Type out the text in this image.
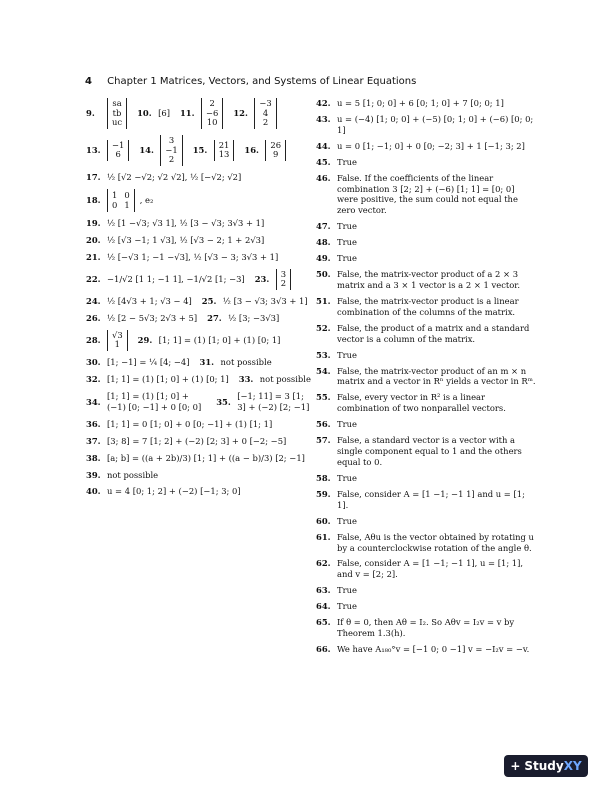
4 Chapter 1 Matrices, Vectors, and Systems of Linear Equations
9.
sa
tb
uc
10. [6] 11.
2
−6
10
12.
−3
4
2
13.
−1
6 14.
3
−1
2
15.
21
13 16.
26
9
17. ½ [√2 −√2; √2 √2], ½ [−√2; √2]
18.
1 0
0 1
, e₂
19. ½ [1 −√3; √3 1], ½ [3 − √3; 3√3 + 1]
20. ½ [√3 −1; 1 √3], ½ [√3 − 2; 1 + 2√3]
21. ½ [−√3 1; −1 −√3], ½ [√3 − 3; 3√3 + 1]
22. −1/√2 [1 1; −1 1], −1/√2 [1; −3] 23.
3
2
24. ½ [4√3 + 1; √3 − 4] 25. ½ [3 − √3; 3√3 + 1]
26. ½ [2 − 5√3; 2√3 + 5] 27. ½ [3; −3√3]
28.
√3
1 29. [1; 1] = (1) [1; 0] + (1) [0; 1]
30. [1; −1] = ¼ [4; −4] 31. not possible
32. [1; 1] = (1) [1; 0] + (1) [0; 1] 33. not possible
34.
[1; 1] = (1) [1; 0] + (−1) [0; −1] + 0 [0; 0]
35.
[−1; 11] = 3 [1; 3] + (−2) [2; −1]
36. [1; 1] = 0 [1; 0] + 0 [0; −1] + (1) [1; 1]
37. [3; 8] = 7 [1; 2] + (−2) [2; 3] + 0 [−2; −5]
38. [a; b] = ((a + 2b)/3) [1; 1] + ((a − b)/3) [2; −1]
39. not possible
40. u = 4 [0; 1; 2] + (−2) [−1; 3; 0]
42. u = 5 [1; 0; 0] + 6 [0; 1; 0] + 7 [0; 0; 1]
43. u = (−4) [1; 0; 0] + (−5) [0; 1; 0] + (−6) [0; 0; 1]
44. u = 0 [1; −1; 0] + 0 [0; −2; 3] + 1 [−1; 3; 2]
45. True
46. False. If the coefficients of the linear combination 3 [2; 2] + (−6) [1; 1] = [0; 0] were positive, the sum could not equal the zero vector.
47. True
48. True
49. True
50. False, the matrix-vector product of a 2 × 3 matrix and a 3 × 1 vector is a 2 × 1 vector.
51. False, the matrix-vector product is a linear combination of the columns of the matrix.
52. False, the product of a matrix and a standard vector is a column of the matrix.
53. True
54. False, the matrix-vector product of an m × n matrix and a vector in Rⁿ yields a vector in Rᵐ.
55. False, every vector in R² is a linear combination of two nonparallel vectors.
56. True
57. False, a standard vector is a vector with a single component equal to 1 and the others equal to 0.
58. True
59. False, consider A = [1 −1; −1 1] and u = [1; 1].
60. True
61. False, Aθu is the vector obtained by rotating u by a counterclockwise rotation of the angle θ.
62. False, consider A = [1 −1; −1 1], u = [1; 1], and v = [2; 2].
63. True
64. True
65. If θ = 0, then Aθ = I₂. So Aθv = I₂v = v by Theorem 1.3(h).
66. We have A₁₈₀°v = [−1 0; 0 −1] v = −I₂v = −v.
+ StudyXY
